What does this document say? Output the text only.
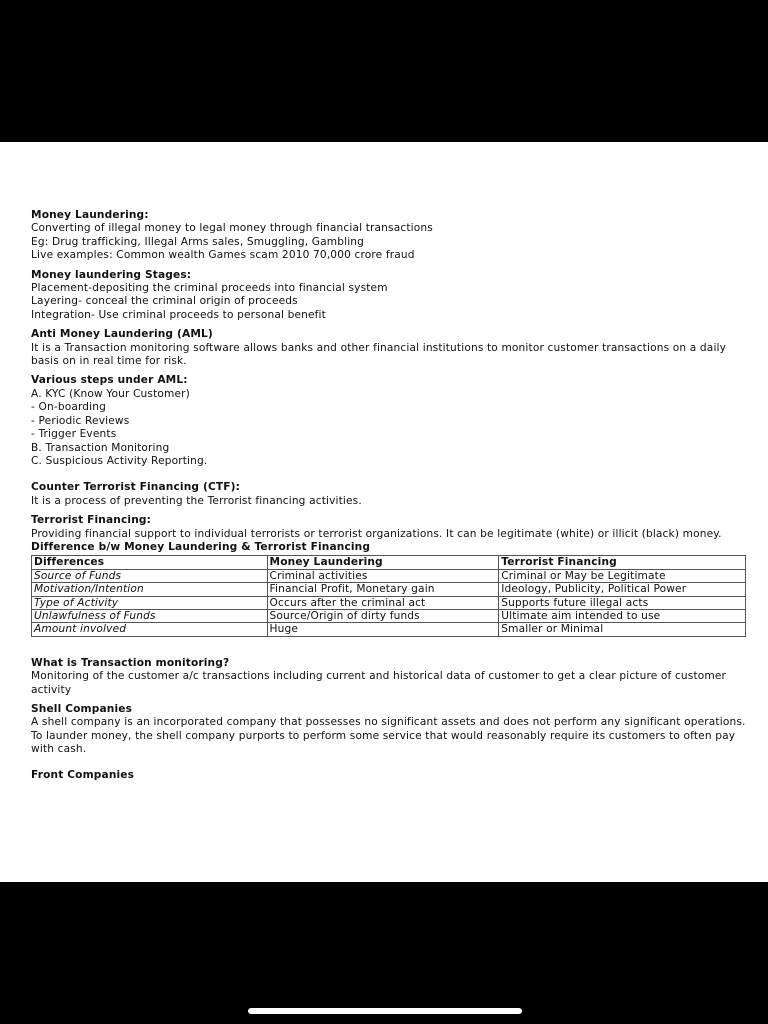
Money Laundering:
Converting of illegal money to legal money through financial transactions
Eg: Drug trafficking, Illegal Arms sales, Smuggling, Gambling
Live examples: Common wealth Games scam 2010 70,000 crore fraud
Money laundering Stages:
Placement-depositing the criminal proceeds into financial system
Layering- conceal the criminal origin of proceeds
Integration- Use criminal proceeds to personal benefit
Anti Money Laundering (AML)
It is a Transaction monitoring software allows banks and other financial institutions to monitor customer transactions on a daily basis on in real time for risk.
Various steps under AML:
A. KYC (Know Your Customer)
- On-boarding
- Periodic Reviews
- Trigger Events
B. Transaction Monitoring
C. Suspicious Activity Reporting.
Counter Terrorist Financing (CTF):
It is a process of preventing the Terrorist financing activities.
Terrorist Financing:
Providing financial support to individual terrorists or terrorist organizations. It can be legitimate (white) or illicit (black) money.
Difference b/w Money Laundering & Terrorist Financing
Differences	Money Laundering	Terrorist Financing
Source of Funds	Criminal activities	Criminal or May be Legitimate
Motivation/Intention	Financial Profit, Monetary gain	Ideology, Publicity, Political Power
Type of Activity	Occurs after the criminal act	Supports future illegal acts
Unlawfulness of Funds	Source/Origin of dirty funds	Ultimate aim intended to use
Amount involved	Huge	Smaller or Minimal
What is Transaction monitoring?
Monitoring of the customer a/c transactions including current and historical data of customer to get a clear picture of customer activity
Shell Companies
A shell company is an incorporated company that possesses no significant assets and does not perform any significant operations. To launder money, the shell company purports to perform some service that would reasonably require its customers to often pay with cash.
Front Companies
